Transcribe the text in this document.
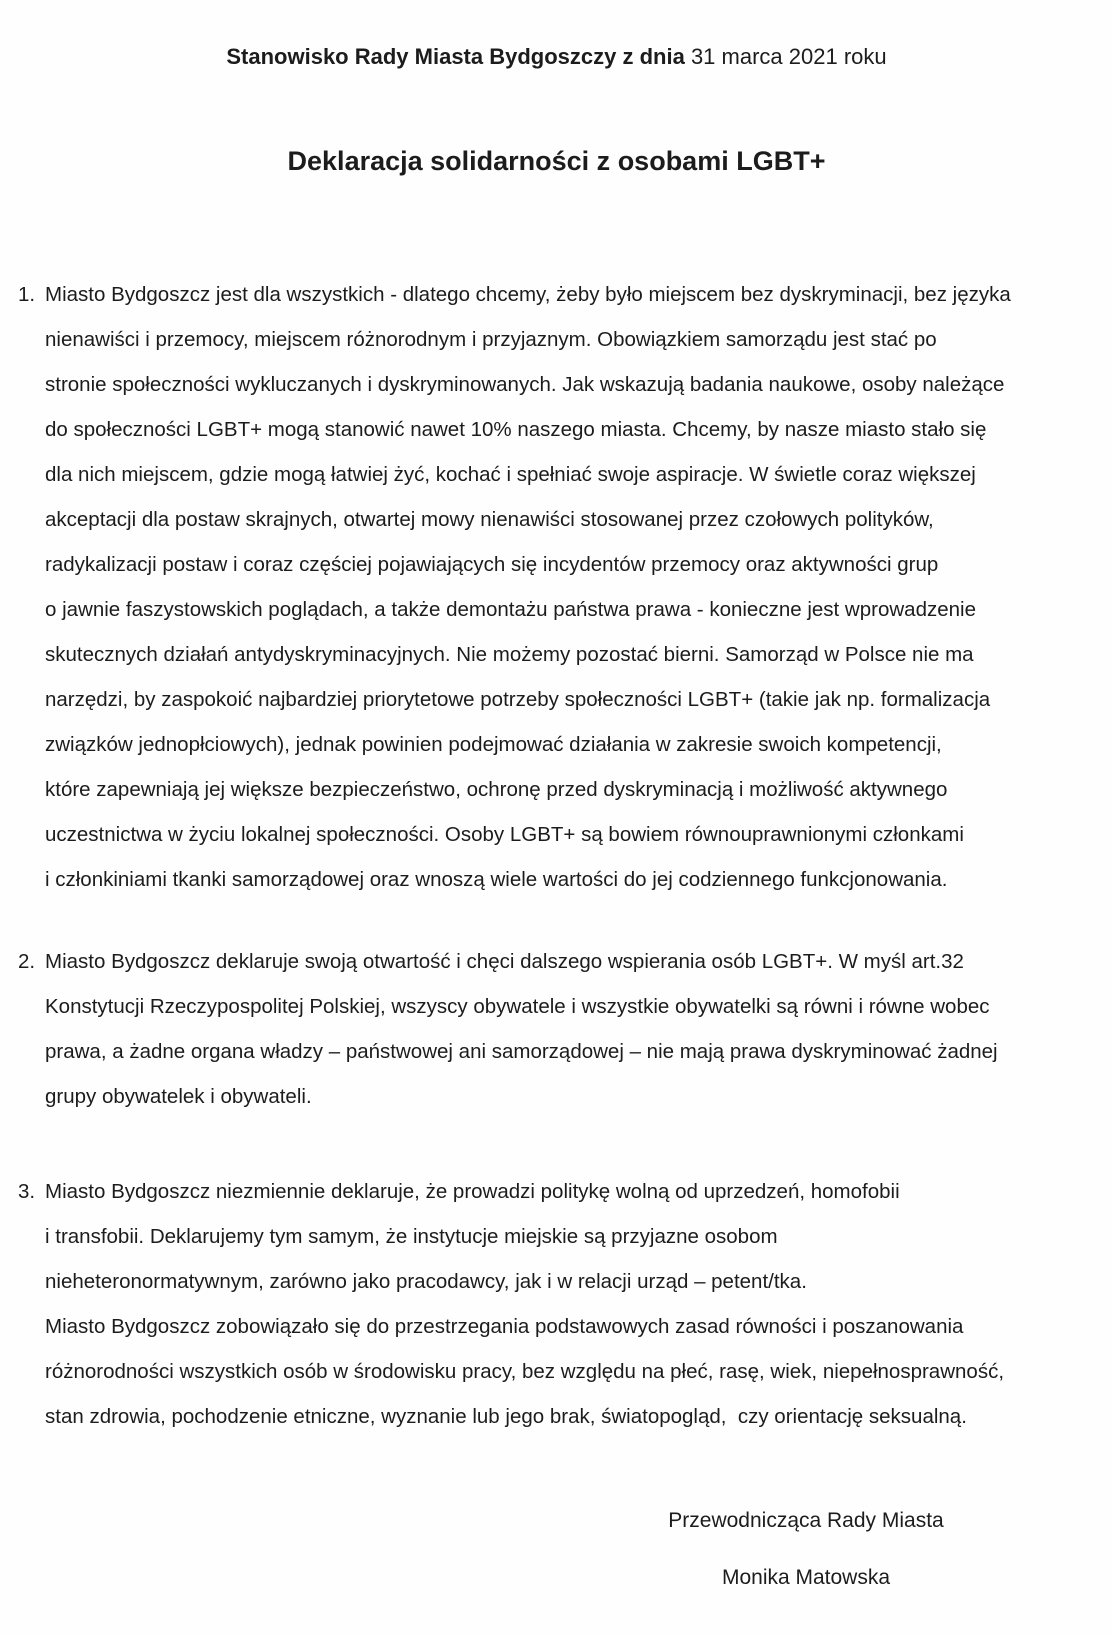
Stanowisko Rady Miasta Bydgoszczy z dnia 31 marca 2021 roku
Deklaracja solidarności z osobami LGBT+
1. Miasto Bydgoszcz jest dla wszystkich - dlatego chcemy, żeby było miejscem bez dyskryminacji, bez języka
nienawiści i przemocy, miejscem różnorodnym i przyjaznym. Obowiązkiem samorządu jest stać po
stronie społeczności wykluczanych i dyskryminowanych. Jak wskazują badania naukowe, osoby należące
do społeczności LGBT+ mogą stanowić nawet 10% naszego miasta. Chcemy, by nasze miasto stało się
dla nich miejscem, gdzie mogą łatwiej żyć, kochać i spełniać swoje aspiracje. W świetle coraz większej
akceptacji dla postaw skrajnych, otwartej mowy nienawiści stosowanej przez czołowych polityków,
radykalizacji postaw i coraz częściej pojawiających się incydentów przemocy oraz aktywności grup
o jawnie faszystowskich poglądach, a także demontażu państwa prawa - konieczne jest wprowadzenie
skutecznych działań antydyskryminacyjnych. Nie możemy pozostać bierni. Samorząd w Polsce nie ma
narzędzi, by zaspokoić najbardziej priorytetowe potrzeby społeczności LGBT+ (takie jak np. formalizacja
związków jednopłciowych), jednak powinien podejmować działania w zakresie swoich kompetencji,
które zapewniają jej większe bezpieczeństwo, ochronę przed dyskryminacją i możliwość aktywnego
uczestnictwa w życiu lokalnej społeczności. Osoby LGBT+ są bowiem równouprawnionymi członkami
i członkiniami tkanki samorządowej oraz wnoszą wiele wartości do jej codziennego funkcjonowania.
2. Miasto Bydgoszcz deklaruje swoją otwartość i chęci dalszego wspierania osób LGBT+. W myśl art.32
Konstytucji Rzeczypospolitej Polskiej, wszyscy obywatele i wszystkie obywatelki są równi i równe wobec
prawa, a żadne organa władzy – państwowej ani samorządowej – nie mają prawa dyskryminować żadnej
grupy obywatelek i obywateli.
3. Miasto Bydgoszcz niezmiennie deklaruje, że prowadzi politykę wolną od uprzedzeń, homofobii
i transfobii. Deklarujemy tym samym, że instytucje miejskie są przyjazne osobom
nieheteronormatywnym, zarówno jako pracodawcy, jak i w relacji urząd – petent/tka.
Miasto Bydgoszcz zobowiązało się do przestrzegania podstawowych zasad równości i poszanowania
różnorodności wszystkich osób w środowisku pracy, bez względu na płeć, rasę, wiek, niepełnosprawność,
stan zdrowia, pochodzenie etniczne, wyznanie lub jego brak, światopogląd,  czy orientację seksualną.
Przewodnicząca Rady Miasta
Monika Matowska
